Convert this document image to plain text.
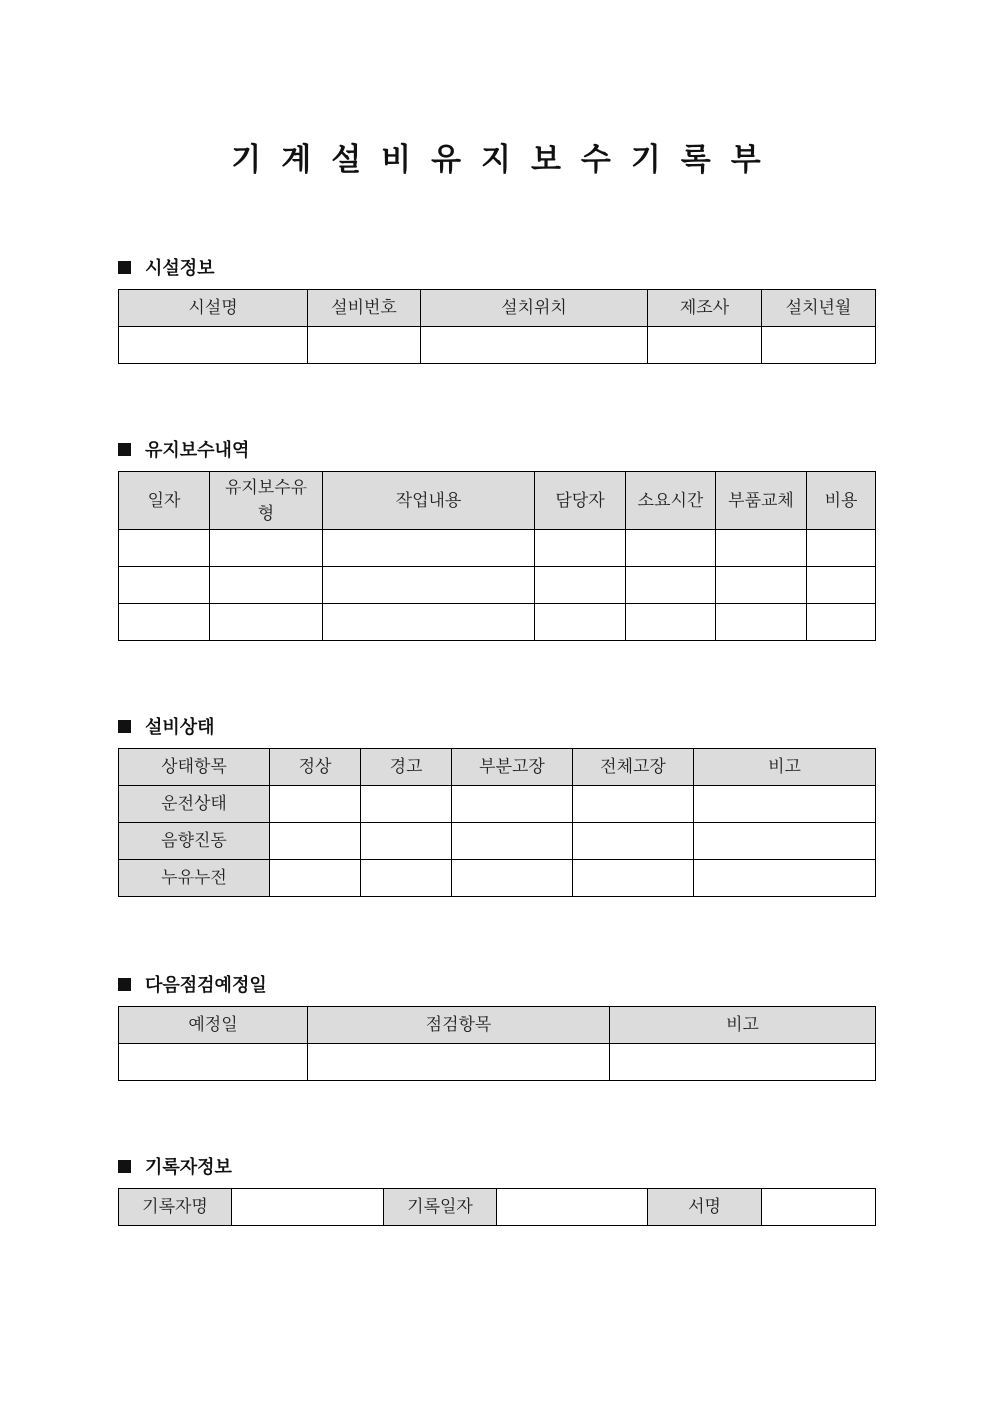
기계설비유지보수기록부
시설정보
시설명	설비번호	설치위치	제조사	설치년월

유지보수내역
일자	유지보수유형	작업내용	담당자	소요시간	부품교체	비용

설비상태
상태항목	정상	경고	부분고장	전체고장	비고
운전상태					
음향진동					
누유누전					
다음점검예정일
예정일	점검항목	비고

기록자정보
기록자명		기록일자		서명	
